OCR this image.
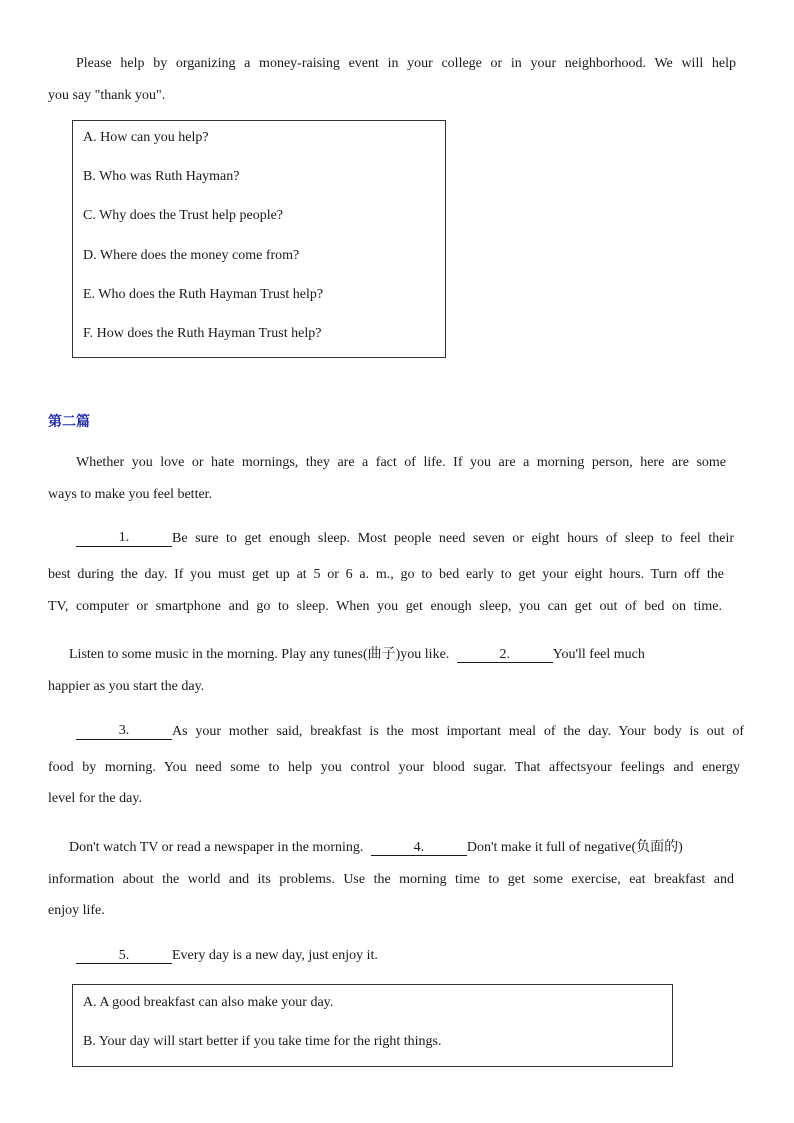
Please help by organizing a money-raising event in your college or in your neighborhood. We will help
you say "thank you".
A. How can you help?
B. Who was Ruth Hayman?
C. Why does the Trust help people?
D. Where does the money come from?
E. Who does the Ruth Hayman Trust help?
F. How does the Ruth Hayman Trust help?
第二篇
Whether you love or hate mornings, they are a fact of life. If you are a morning person, here are some
ways to make you feel better.
1.	Be sure to get enough sleep. Most people need seven or eight hours of sleep to feel their
best during the day. If you must get up at 5 or 6 a. m., go to bed early to get your eight hours. Turn off the
TV, computer or smartphone and go to sleep. When you get enough sleep, you can get out of bed on time.
Listen to some music in the morning. Play any tunes(曲子)you like.	2.	You'll feel much
happier as you start the day.
3.	As your mother said, breakfast is the most important meal of the day. Your body is out of
food by morning. You need some to help you control your blood sugar. That affectsyour feelings and energy
level for the day.
Don't watch TV or read a newspaper in the morning.	4.	Don't make it full of negative(负面的)
information about the world and its problems. Use the morning time to get some exercise, eat breakfast and
enjoy life.
5.	Every day is a new day, just enjoy it.
A. A good breakfast can also make your day.
B. Your day will start better if you take time for the right things.
